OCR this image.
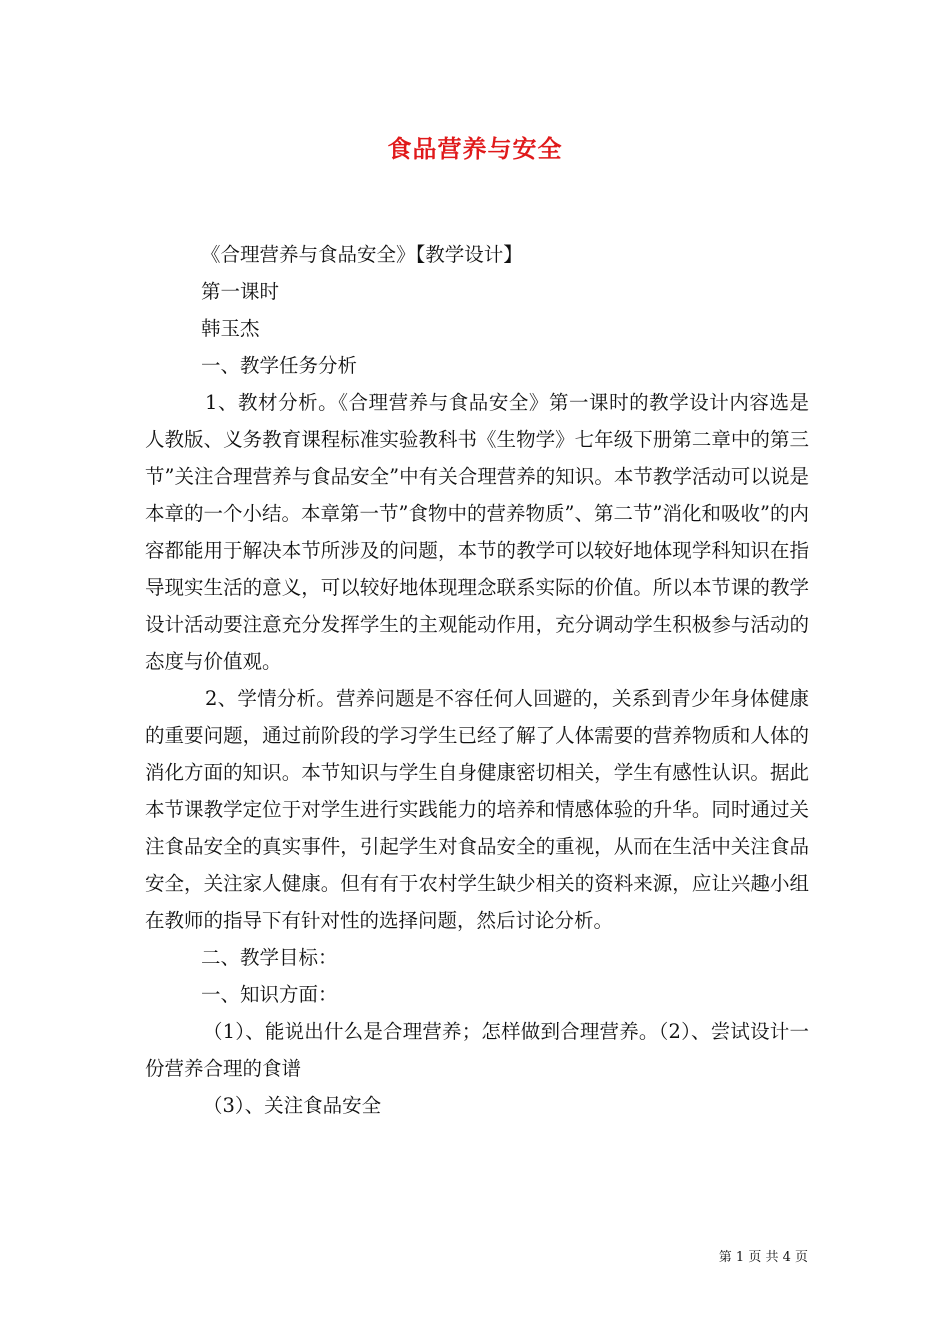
食品营养与安全

《合理营养与食品安全》【教学设计】

第一课时

韩玉杰

一、教学任务分析

1、教材分析。《合理营养与食品安全》第一课时的教学设计内容选是人教版、义务教育课程标准实验教科书《生物学》七年级下册第二章中的第三节”关注合理营养与食品安全”中有关合理营养的知识。本节教学活动可以说是本章的一个小结。本章第一节”食物中的营养物质”、第二节”消化和吸收”的内容都能用于解决本节所涉及的问题，本节的教学可以较好地体现学科知识在指导现实生活的意义，可以较好地体现理念联系实际的价值。所以本节课的教学设计活动要注意充分发挥学生的主观能动作用，充分调动学生积极参与活动的态度与价值观。

2、学情分析。营养问题是不容任何人回避的，关系到青少年身体健康的重要问题，通过前阶段的学习学生已经了解了人体需要的营养物质和人体的消化方面的知识。本节知识与学生自身健康密切相关，学生有感性认识。据此本节课教学定位于对学生进行实践能力的培养和情感体验的升华。同时通过关注食品安全的真实事件，引起学生对食品安全的重视，从而在生活中关注食品安全，关注家人健康。但有有于农村学生缺少相关的资料来源，应让兴趣小组在教师的指导下有针对性的选择问题，然后讨论分析。

二、教学目标：

一、知识方面：

（1）、能说出什么是合理营养；怎样做到合理营养。（2）、尝试设计一份营养合理的食谱

（3）、关注食品安全

第 1 页 共 4 页
